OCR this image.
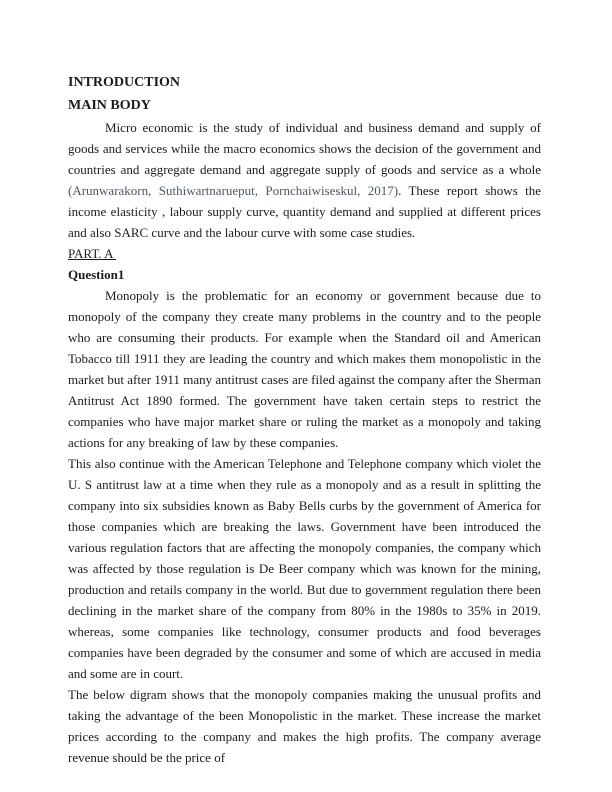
INTRODUCTION
MAIN BODY

Micro economic is the study of individual and business demand and supply of goods and services while the macro economics shows the decision of the government and countries and aggregate demand and aggregate supply of goods and service as a whole (Arunwarakorn, Suthiwartnarueput, Pornchaiwiseskul, 2017). These report shows the income elasticity , labour supply curve, quantity demand and supplied at different prices and also SARC curve and the labour curve with some case studies.

PART. A
Question1

Monopoly is the problematic for an economy or government because due to monopoly of the company they create many problems in the country and to the people who are consuming their products. For example when the Standard oil and American Tobacco till 1911 they are leading the country and which makes them monopolistic in the market but after 1911 many antitrust cases are filed against the company after the Sherman Antitrust Act 1890 formed. The government have taken certain steps to restrict the companies who have major market share or ruling the market as a monopoly and taking actions for any breaking of law by these companies.

This also continue with the American Telephone and Telephone company which violet the U. S antitrust law at a time when they rule as a monopoly and as a result in splitting the company into six subsidies known as Baby Bells curbs by the government of America for those companies which are breaking the laws. Government have been introduced the various regulation factors that are affecting the monopoly companies, the company which was affected by those regulation is De Beer company which was known for the mining, production and retails company in the world. But due to government regulation there been declining in the market share of the company from 80% in the 1980s to 35% in 2019. whereas, some companies like technology, consumer products and food beverages companies have been degraded by the consumer and some of which are accused in media and some are in court.

The below digram shows that the monopoly companies making the unusual profits and taking the advantage of the been Monopolistic in the market. These increase the market prices according to the company and makes the high profits. The company average revenue should be the price of
